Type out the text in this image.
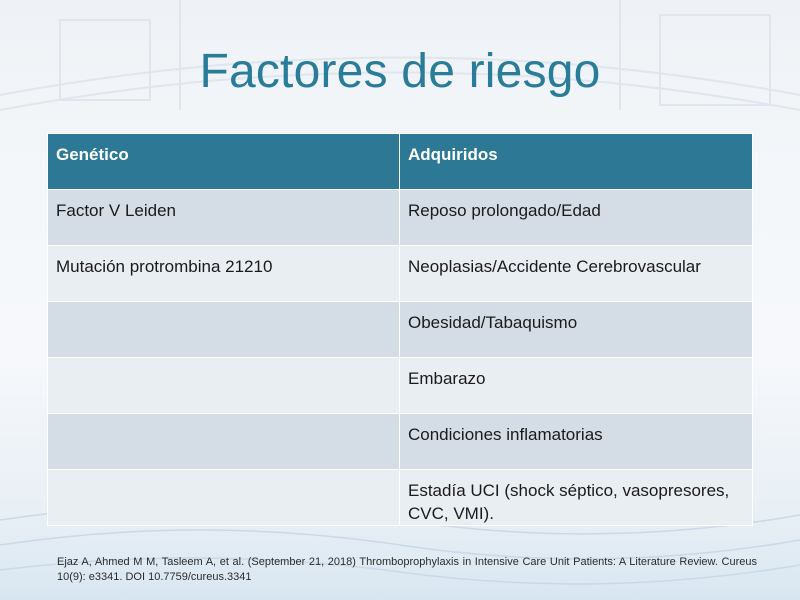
Factores de riesgo
Genético	Adquiridos
Factor V Leiden	Reposo prolongado/Edad
Mutación protrombina 21210	Neoplasias/Accidente Cerebrovascular
	Obesidad/Tabaquismo
	Embarazo
	Condiciones inflamatorias
	Estadía UCI (shock séptico, vasopresores, CVC, VMI).
Ejaz A, Ahmed M M, Tasleem A, et al. (September 21, 2018) Thromboprophylaxis in Intensive Care Unit Patients: A Literature Review. Cureus 10(9): e3341. DOI 10.7759/cureus.3341
